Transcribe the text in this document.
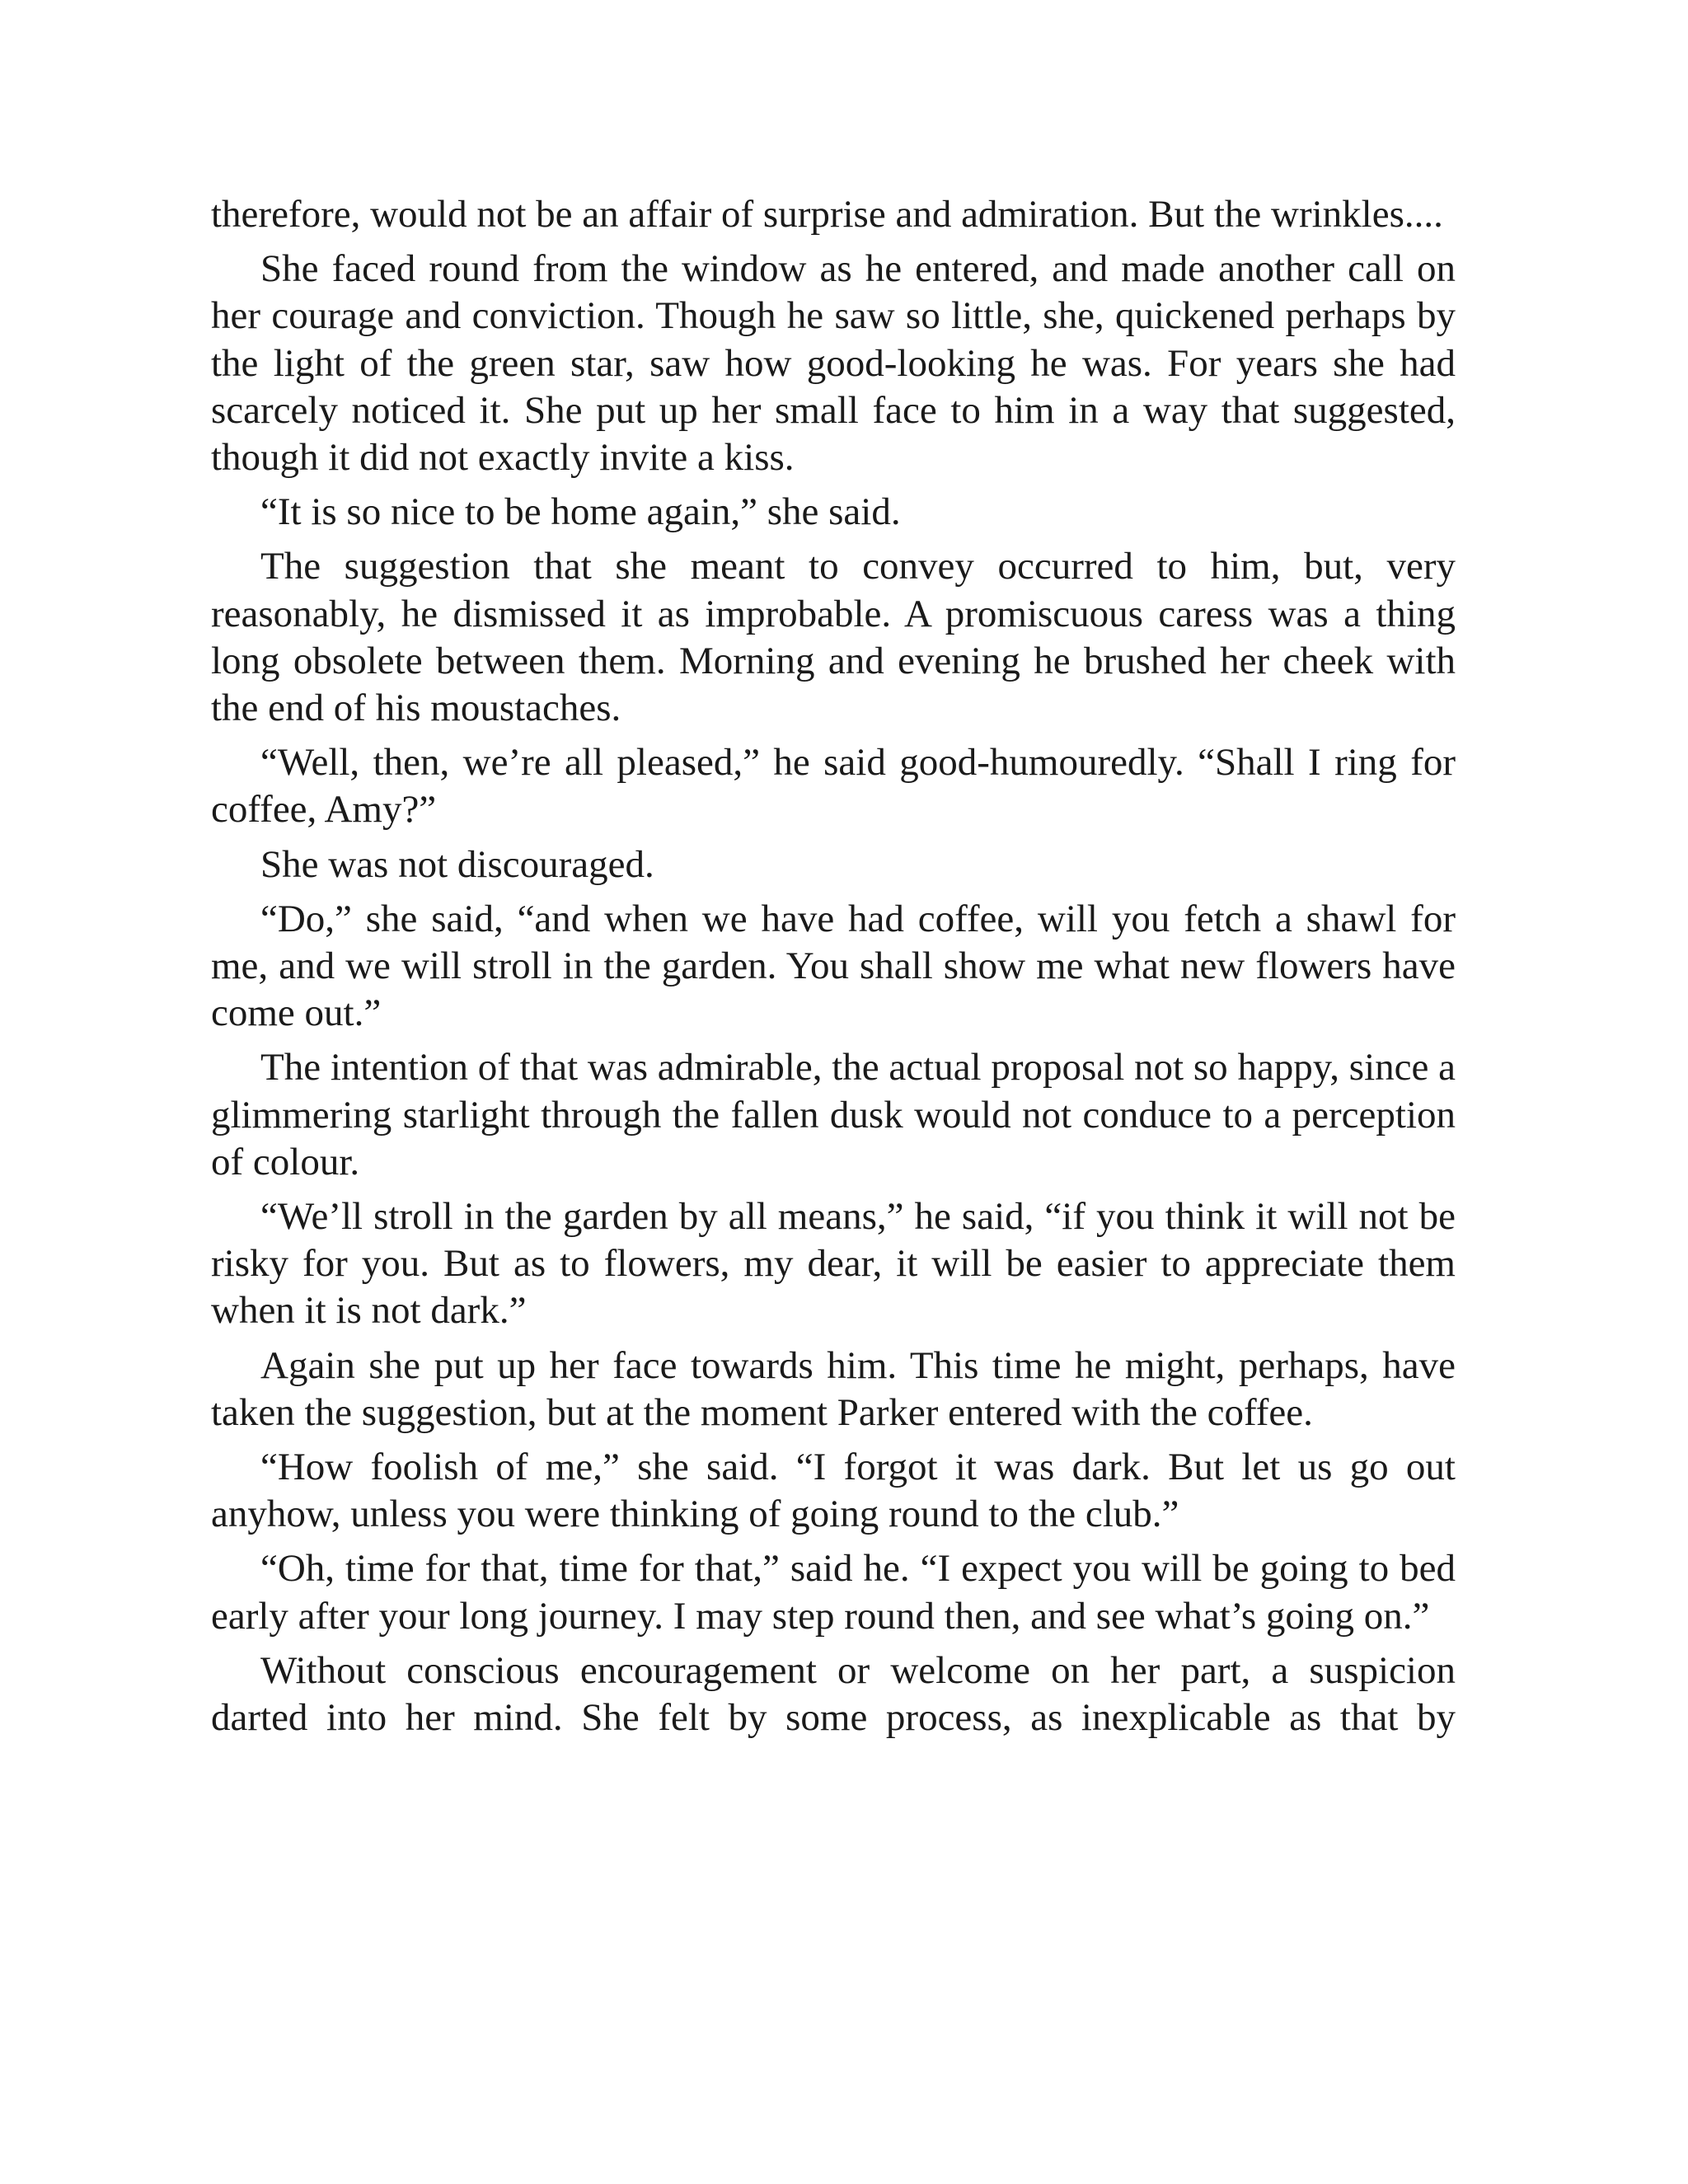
therefore, would not be an affair of surprise and admiration. But the wrinkles....

She faced round from the window as he entered, and made another call on her courage and conviction. Though he saw so little, she, quickened perhaps by the light of the green star, saw how good-looking he was. For years she had scarcely noticed it. She put up her small face to him in a way that suggested, though it did not exactly invite a kiss.

“It is so nice to be home again,” she said.

The suggestion that she meant to convey occurred to him, but, very reasonably, he dismissed it as improbable. A promiscuous caress was a thing long obsolete between them. Morning and evening he brushed her cheek with the end of his moustaches.

“Well, then, we’re all pleased,” he said good-humouredly. “Shall I ring for coffee, Amy?”

She was not discouraged.

“Do,” she said, “and when we have had coffee, will you fetch a shawl for me, and we will stroll in the garden. You shall show me what new flowers have come out.”

The intention of that was admirable, the actual proposal not so happy, since a glimmering starlight through the fallen dusk would not conduce to a perception of colour.

“We’ll stroll in the garden by all means,” he said, “if you think it will not be risky for you. But as to flowers, my dear, it will be easier to appreciate them when it is not dark.”

Again she put up her face towards him. This time he might, perhaps, have taken the suggestion, but at the moment Parker entered with the coffee.

“How foolish of me,” she said. “I forgot it was dark. But let us go out anyhow, unless you were thinking of going round to the club.”

“Oh, time for that, time for that,” said he. “I expect you will be going to bed early after your long journey. I may step round then, and see what’s going on.”

Without conscious encouragement or welcome on her part, a suspicion darted into her mind. She felt by some process, as inexplicable as that by
